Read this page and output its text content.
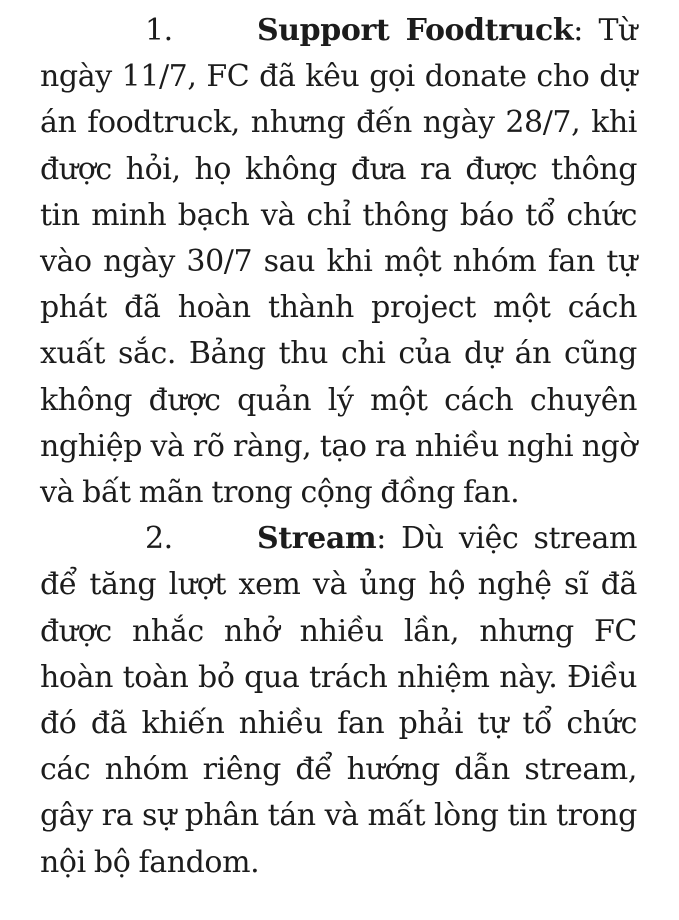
1.	Support Foodtruck: Từ ngày 11/7, FC đã kêu gọi donate cho dự án foodtruck, nhưng đến ngày 28/7, khi được hỏi, họ không đưa ra được thông tin minh bạch và chỉ thông báo tổ chức vào ngày 30/7 sau khi một nhóm fan tự phát đã hoàn thành project một cách xuất sắc. Bảng thu chi của dự án cũng không được quản lý một cách chuyên nghiệp và rõ ràng, tạo ra nhiều nghi ngờ và bất mãn trong cộng đồng fan.

2.	Stream: Dù việc stream để tăng lượt xem và ủng hộ nghệ sĩ đã được nhắc nhở nhiều lần, nhưng FC hoàn toàn bỏ qua trách nhiệm này. Điều đó đã khiến nhiều fan phải tự tổ chức các nhóm riêng để hướng dẫn stream, gây ra sự phân tán và mất lòng tin trong nội bộ fandom.
